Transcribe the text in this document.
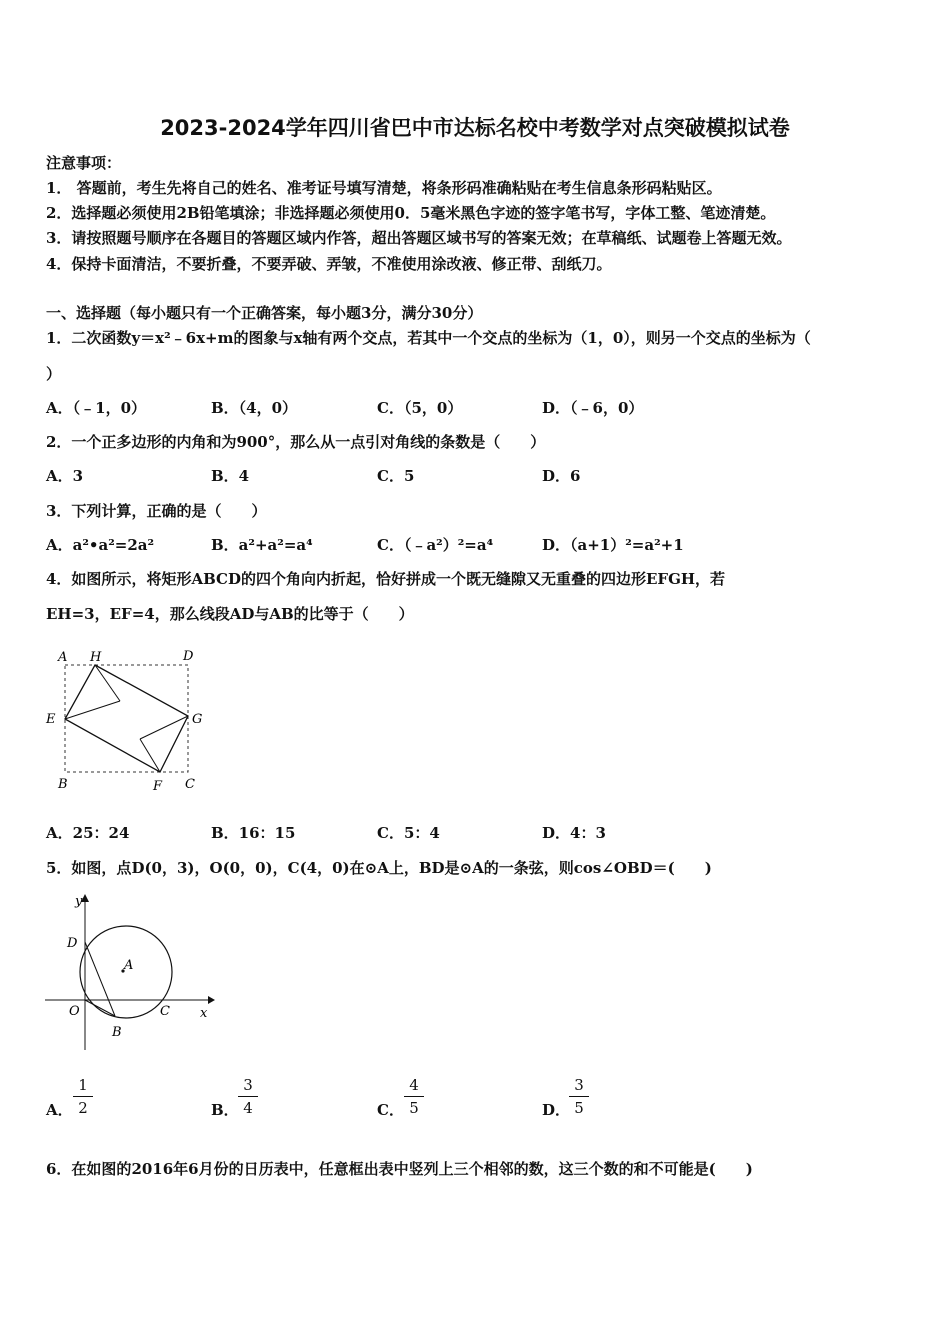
2023-2024学年四川省巴中市达标名校中考数学对点突破模拟试卷
注意事项：
1． 答题前，考生先将自己的姓名、准考证号填写清楚，将条形码准确粘贴在考生信息条形码粘贴区。
2．选择题必须使用2B铅笔填涂；非选择题必须使用0．5毫米黑色字迹的签字笔书写，字体工整、笔迹清楚。
3．请按照题号顺序在各题目的答题区域内作答，超出答题区域书写的答案无效；在草稿纸、试题卷上答题无效。
4．保持卡面清洁，不要折叠，不要弄破、弄皱，不准使用涂改液、修正带、刮纸刀。
一、选择题（每小题只有一个正确答案，每小题3分，满分30分）
1．二次函数y＝x²﹣6x+m的图象与x轴有两个交点，若其中一个交点的坐标为（1，0），则另一个交点的坐标为（
）
A．（﹣1，0）	B．（4，0）	C．（5，0）	D．（﹣6，0）
2．一个正多边形的内角和为900°，那么从一点引对角线的条数是（　　）
A．3	B．4	C．5	D．6
3．下列计算，正确的是（　　）
A．a²•a²=2a²	B．a²+a²=a⁴	C．（﹣a²）²=a⁴	D．（a+1）²=a²+1
4．如图所示，将矩形ABCD的四个角向内折起，恰好拼成一个既无缝隙又无重叠的四边形EFGH，若
EH=3，EF=4，那么线段AD与AB的比等于（　　）
A H	D
E	G
B	F C
A．25：24	B．16：15	C．5：4	D．4：3
5．如图，点D(0，3)，O(0，0)，C(4，0)在⊙A上，BD是⊙A的一条弦，则cos∠OBD＝(　　)
y
x
D
A
O	C
B
A．
1
2	B．
3
4	C．
4
5	D．
3
5
6．在如图的2016年6月份的日历表中，任意框出表中竖列上三个相邻的数，这三个数的和不可能是(　　)
